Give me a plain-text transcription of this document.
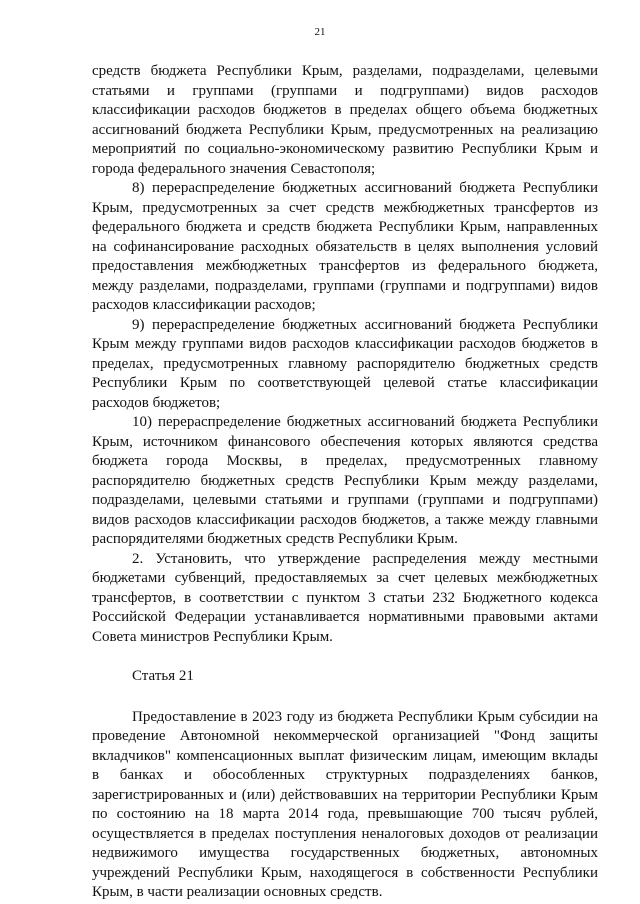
21

средств бюджета Республики Крым, разделами, подразделами, целевыми статьями и группами (группами и подгруппами) видов расходов классификации расходов бюджетов в пределах общего объема бюджетных ассигнований бюджета Республики Крым, предусмотренных на реализацию мероприятий по социально-экономическому развитию Республики Крым и города федерального значения Севастополя;

8) перераспределение бюджетных ассигнований бюджета Республики Крым, предусмотренных за счет средств межбюджетных трансфертов из федерального бюджета и средств бюджета Республики Крым, направленных на софинансирование расходных обязательств в целях выполнения условий предоставления межбюджетных трансфертов из федерального бюджета, между разделами, подразделами, группами (группами и подгруппами) видов расходов классификации расходов;

9) перераспределение бюджетных ассигнований бюджета Республики Крым между группами видов расходов классификации расходов бюджетов в пределах, предусмотренных главному распорядителю бюджетных средств Республики Крым по соответствующей целевой статье классификации расходов бюджетов;

10) перераспределение бюджетных ассигнований бюджета Республики Крым, источником финансового обеспечения которых являются средства бюджета города Москвы, в пределах, предусмотренных главному распорядителю бюджетных средств Республики Крым между разделами, подразделами, целевыми статьями и группами (группами и подгруппами) видов расходов классификации расходов бюджетов, а также между главными распорядителями бюджетных средств Республики Крым.

2. Установить, что утверждение распределения между местными бюджетами субвенций, предоставляемых за счет целевых межбюджетных трансфертов, в соответствии с пунктом 3 статьи 232 Бюджетного кодекса Российской Федерации устанавливается нормативными правовыми актами Совета министров Республики Крым.

Статья 21

Предоставление в 2023 году из бюджета Республики Крым субсидии на проведение Автономной некоммерческой организацией "Фонд защиты вкладчиков" компенсационных выплат физическим лицам, имеющим вклады в банках и обособленных структурных подразделениях банков, зарегистрированных и (или) действовавших на территории Республики Крым по состоянию на 18 марта 2014 года, превышающие 700 тысяч рублей, осуществляется в пределах поступления неналоговых доходов от реализации недвижимого имущества государственных бюджетных, автономных учреждений Республики Крым, находящегося в собственности Республики Крым, в части реализации основных средств.
